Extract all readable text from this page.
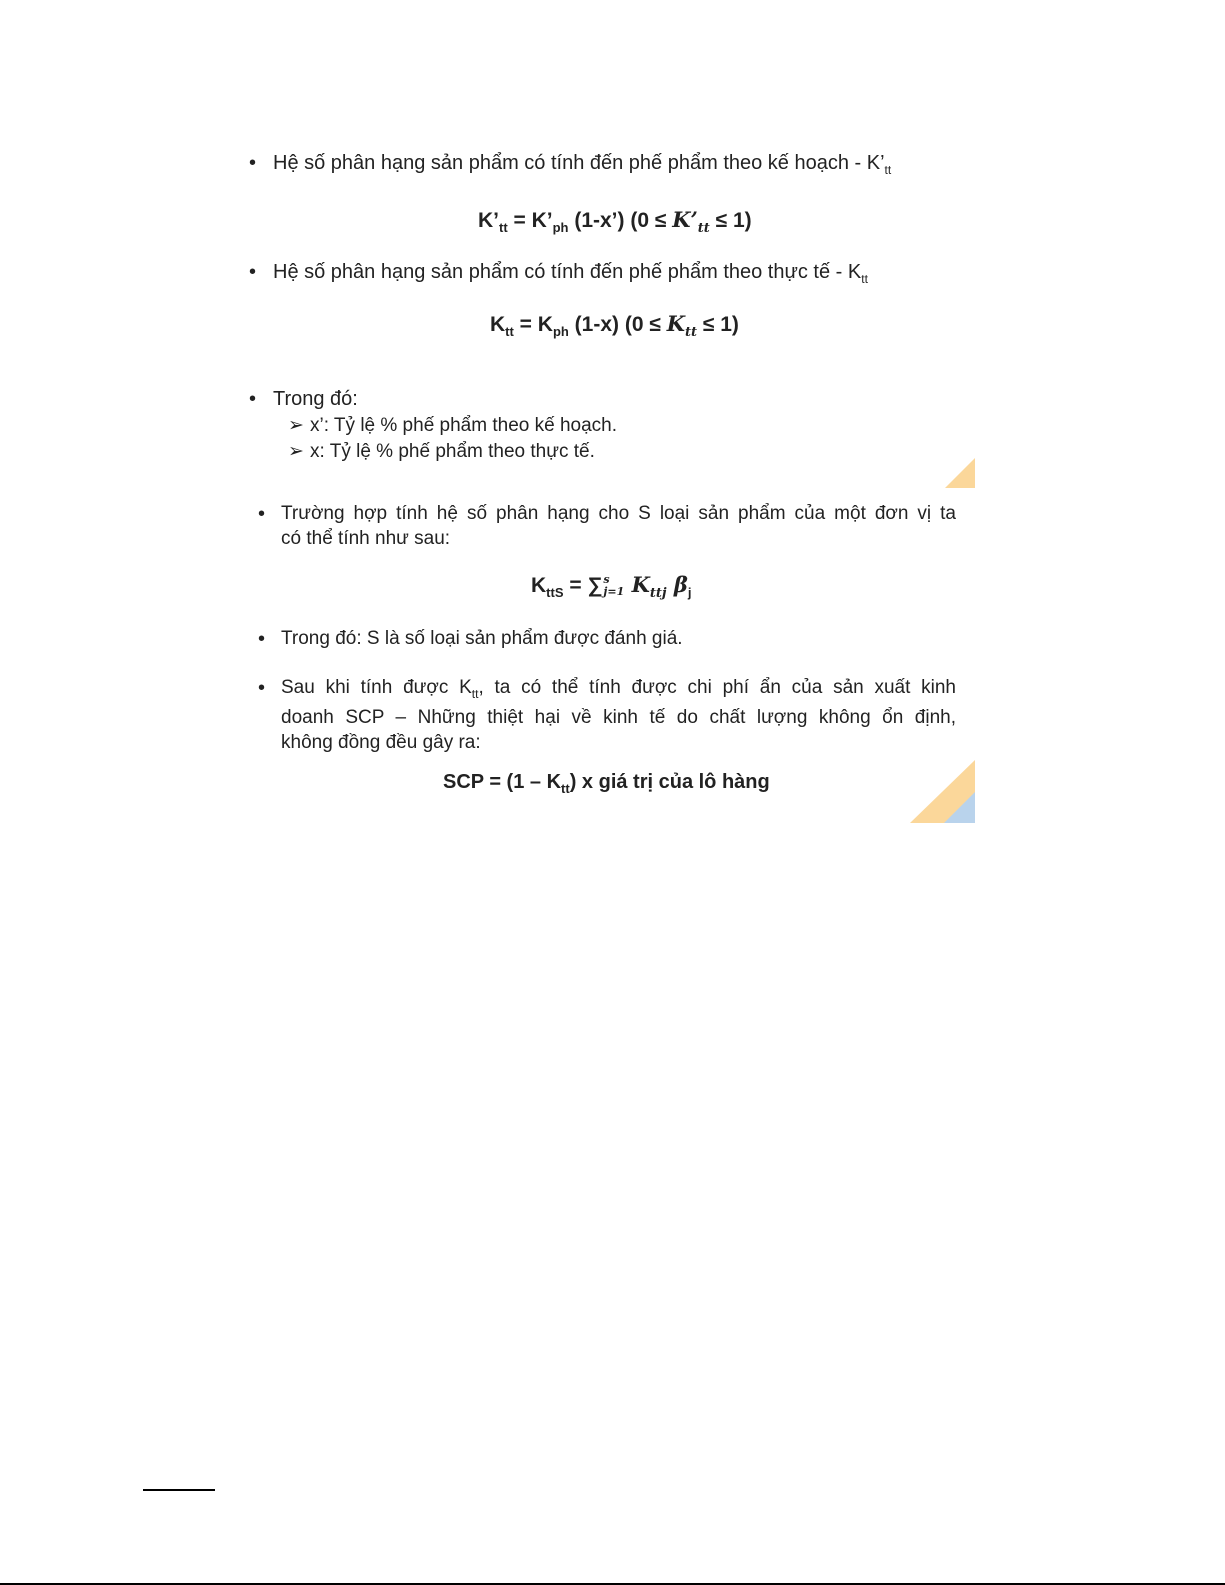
• Hệ số phân hạng sản phẩm có tính đến phế phẩm theo kế hoạch - $K’_{tt}$
$K’_{tt}$ = $K’_{ph}$ (1-x’) $(0 \le K’_{tt} \le 1)$
• Hệ số phân hạng sản phẩm có tính đến phế phẩm theo thực tế - $K_{tt}$
$K_{tt} = K_{ph}$ (1-x) $(0 \le K_{tt} \le 1)$
• Trong đó:
➢ x’: Tỷ lệ % phế phẩm theo kế hoạch.
➢ x: Tỷ lệ % phế phẩm theo thực tế.
• Trường hợp tính hệ số phân hạng cho S loại sản phẩm của một đơn vị ta
có thể tính như sau:
$K_{ttS}$ = ∑ s
j=1 $K_{ttj}$ $\beta_j$
• Trong đó: S là số loại sản phẩm được đánh giá.
• Sau khi tính được $K_{tt}$, ta có thể tính được chi phí ẩn của sản xuất kinh
doanh SCP – Những thiệt hại về kinh tế do chất lượng không ổn định,
không đồng đều gây ra:
SCP = $(1 - K_{tt})$ x giá trị của lô hàng
